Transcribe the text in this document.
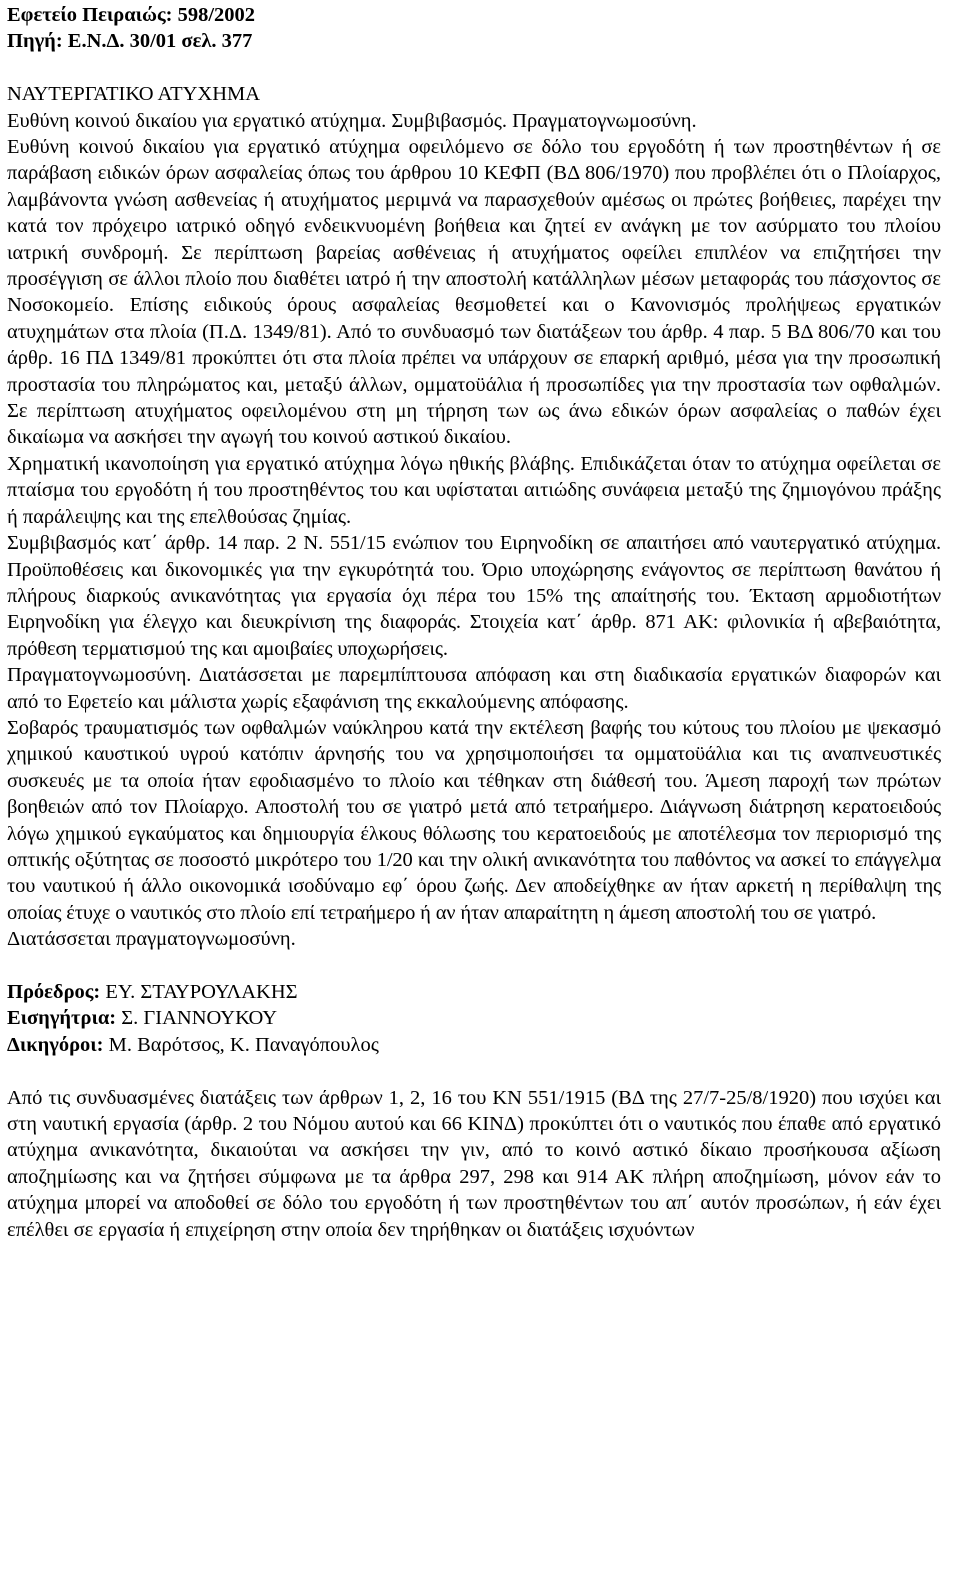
Εφετείο Πειραιώς: 598/2002
Πηγή: Ε.Ν.Δ. 30/01 σελ. 377
ΝΑΥΤΕΡΓΑΤΙΚΟ ΑΤΥΧΗΜΑ

Ευθύνη κοινού δικαίου για εργατικό ατύχημα. Συμβιβασμός. Πραγματογνωμοσύνη.

Ευθύνη κοινού δικαίου για εργατικό ατύχημα οφειλόμενο σε δόλο του εργοδότη ή των προστηθέντων ή σε παράβαση ειδικών όρων ασφαλείας όπως του άρθρου 10 ΚΕΦΠ (ΒΔ 806/1970) που προβλέπει ότι ο Πλοίαρχος, λαμβάνοντα γνώση ασθενείας ή ατυχήματος μεριμνά να παρασχεθούν αμέσως οι πρώτες βοήθειες, παρέχει την κατά τον πρόχειρο ιατρικό οδηγό ενδεικνυομένη βοήθεια και ζητεί εν ανάγκη με τον ασύρματο του πλοίου ιατρική συνδρομή. Σε περίπτωση βαρείας ασθένειας ή ατυχήματος οφείλει επιπλέον να επιζητήσει την προσέγγιση σε άλλοι πλοίο που διαθέτει ιατρό ή την αποστολή κατάλληλων μέσων μεταφοράς του πάσχοντος σε Νοσοκομείο. Επίσης ειδικούς όρους ασφαλείας θεσμοθετεί και ο Κανονισμός προλήψεως εργατικών ατυχημάτων στα πλοία (Π.Δ. 1349/81). Από το συνδυασμό των διατάξεων του άρθρ. 4 παρ. 5 ΒΔ 806/70 και του άρθρ. 16 ΠΔ 1349/81 προκύπτει ότι στα πλοία πρέπει να υπάρχουν σε επαρκή αριθμό, μέσα για την προσωπική προστασία του πληρώματος και, μεταξύ άλλων, ομματοϋάλια ή προσωπίδες για την προστασία των οφθαλμών. Σε περίπτωση ατυχήματος οφειλομένου στη μη τήρηση των ως άνω εδικών όρων ασφαλείας ο παθών έχει δικαίωμα να ασκήσει την αγωγή του κοινού αστικού δικαίου.

Χρηματική ικανοποίηση για εργατικό ατύχημα λόγω ηθικής βλάβης. Επιδικάζεται όταν το ατύχημα οφείλεται σε πταίσμα του εργοδότη ή του προστηθέντος του και υφίσταται αιτιώδης συνάφεια μεταξύ της ζημιογόνου πράξης ή παράλειψης και της επελθούσας ζημίας.

Συμβιβασμός κατ΄ άρθρ. 14 παρ. 2 Ν. 551/15 ενώπιον του Ειρηνοδίκη σε απαιτήσει από ναυτεργατικό ατύχημα. Προϋποθέσεις και δικονομικές για την εγκυρότητά του. Όριο υποχώρησης ενάγοντος σε περίπτωση θανάτου ή πλήρους διαρκούς ανικανότητας για εργασία όχι πέρα του 15% της απαίτησής του. Έκταση αρμοδιοτήτων Ειρηνοδίκη για έλεγχο και διευκρίνιση της διαφοράς. Στοιχεία κατ΄ άρθρ. 871 ΑΚ: φιλονικία ή αβεβαιότητα, πρόθεση τερματισμού της και αμοιβαίες υποχωρήσεις.

Πραγματογνωμοσύνη. Διατάσσεται με παρεμπίπτουσα απόφαση και στη διαδικασία εργατικών διαφορών και από το Εφετείο και μάλιστα χωρίς εξαφάνιση της εκκαλούμενης απόφασης.

Σοβαρός τραυματισμός των οφθαλμών ναύκληρου κατά την εκτέλεση βαφής του κύτους του πλοίου με ψεκασμό χημικού καυστικού υγρού κατόπιν άρνησής του να χρησιμοποιήσει τα ομματοϋάλια και τις αναπνευστικές συσκευές με τα οποία ήταν εφοδιασμένο το πλοίο και τέθηκαν στη διάθεσή του. Άμεση παροχή των πρώτων βοηθειών από τον Πλοίαρχο. Αποστολή του σε γιατρό μετά από τετραήμερο. Διάγνωση διάτρηση κερατοειδούς λόγω χημικού εγκαύματος και δημιουργία έλκους θόλωσης του κερατοειδούς με αποτέλεσμα τον περιορισμό της οπτικής οξύτητας σε ποσοστό μικρότερο του 1/20 και την ολική ανικανότητα του παθόντος να ασκεί το επάγγελμα του ναυτικού ή άλλο οικονομικά ισοδύναμο εφ΄ όρου ζωής. Δεν αποδείχθηκε αν ήταν αρκετή η περίθαλψη της οποίας έτυχε ο ναυτικός στο πλοίο επί τετραήμερο ή αν ήταν απαραίτητη η άμεση αποστολή του σε γιατρό.

Διατάσσεται πραγματογνωμοσύνη.

Πρόεδρος: ΕΥ. ΣΤΑΥΡΟΥΛΑΚΗΣ
Εισηγήτρια: Σ. ΓΙΑΝΝΟΥΚΟΥ
Δικηγόροι: Μ. Βαρότσος, Κ. Παναγόπουλος

Από τις συνδυασμένες διατάξεις των άρθρων 1, 2, 16 του ΚΝ 551/1915 (ΒΔ της 27/7-25/8/1920) που ισχύει και στη ναυτική εργασία (άρθρ. 2 του Νόμου αυτού και 66 ΚΙΝΔ) προκύπτει ότι ο ναυτικός που έπαθε από εργατικό ατύχημα ανικανότητα, δικαιούται να ασκήσει την γιν, από το κοινό αστικό δίκαιο προσήκουσα αξίωση αποζημίωσης και να ζητήσει σύμφωνα με τα άρθρα 297, 298 και 914 ΑΚ πλήρη αποζημίωση, μόνον εάν το ατύχημα μπορεί να αποδοθεί σε δόλο του εργοδότη ή των προστηθέντων του απ΄ αυτόν προσώπων, ή εάν έχει επέλθει σε εργασία ή επιχείρηση στην οποία δεν τηρήθηκαν οι διατάξεις ισχυόντων
